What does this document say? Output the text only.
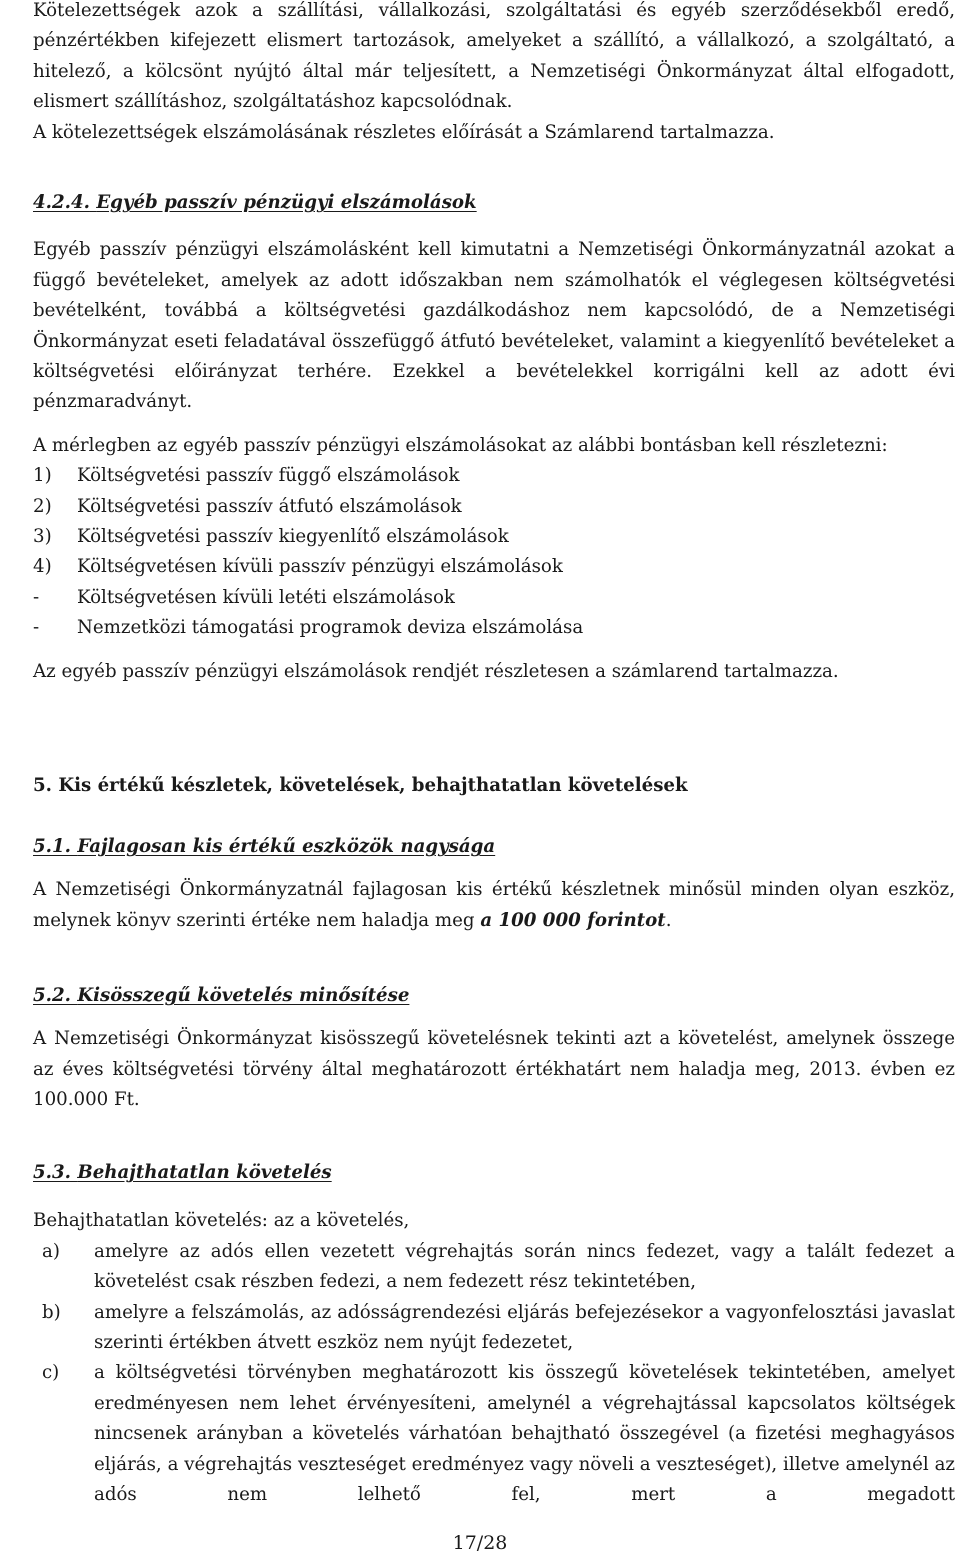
Kötelezettségek azok a szállítási, vállalkozási, szolgáltatási és egyéb szerződésekből eredő, pénzértékben kifejezett elismert tartozások, amelyeket a szállító, a vállalkozó, a szolgáltató, a hitelező, a kölcsönt nyújtó által már teljesített, a Nemzetiségi Önkormányzat által elfogadott, elismert szállításhoz, szolgáltatáshoz kapcsolódnak.

A kötelezettségek elszámolásának részletes előírását a Számlarend tartalmazza.

4.2.4. Egyéb passzív pénzügyi elszámolások

Egyéb passzív pénzügyi elszámolásként kell kimutatni a Nemzetiségi Önkormányzatnál azokat a függő bevételeket, amelyek az adott időszakban nem számolhatók el véglegesen költségvetési bevételként, továbbá a költségvetési gazdálkodáshoz nem kapcsolódó, de a Nemzetiségi Önkormányzat eseti feladatával összefüggő átfutó bevételeket, valamint a kiegyenlítő bevételeket a költségvetési előirányzat terhére. Ezekkel a bevételekkel korrigálni kell az adott évi pénzmaradványt.

A mérlegben az egyéb passzív pénzügyi elszámolásokat az alábbi bontásban kell részletezni:

1)	Költségvetési passzív függő elszámolások
2)	Költségvetési passzív átfutó elszámolások
3)	Költségvetési passzív kiegyenlítő elszámolások
4)	Költségvetésen kívüli passzív pénzügyi elszámolások
-	Költségvetésen kívüli letéti elszámolások
-	Nemzetközi támogatási programok deviza elszámolása

Az egyéb passzív pénzügyi elszámolások rendjét részletesen a számlarend tartalmazza.

5. Kis értékű készletek, követelések, behajthatatlan követelések
5.1. Fajlagosan kis értékű eszközök nagysága

A Nemzetiségi Önkormányzatnál fajlagosan kis értékű készletnek minősül minden olyan eszköz, melynek könyv szerinti értéke nem haladja meg a 100 000 forintot.

5.2. Kisösszegű követelés minősítése

A Nemzetiségi Önkormányzat kisösszegű követelésnek tekinti azt a követelést, amelynek összege az éves költségvetési törvény által meghatározott értékhatárt nem haladja meg, 2013. évben ez 100.000 Ft.

5.3. Behajthatatlan követelés

Behajthatatlan követelés: az a követelés,

a)	amelyre az adós ellen vezetett végrehajtás során nincs fedezet, vagy a talált fedezet a követelést csak részben fedezi, a nem fedezett rész tekintetében,
b)	amelyre a felszámolás, az adósságrendezési eljárás befejezésekor a vagyonfelosztási javaslat szerinti értékben átvett eszköz nem nyújt fedezetet,
c)	a költségvetési törvényben meghatározott kis összegű követelések tekintetében, amelyet eredményesen nem lehet érvényesíteni, amelynél a végrehajtással kapcsolatos költségek nincsenek arányban a követelés várhatóan behajtható összegével (a fizetési meghagyásos eljárás, a végrehajtás veszteséget eredményez vagy növeli a veszteséget), illetve amelynél az adós nem lelhető fel, mert a megadott
17/28
